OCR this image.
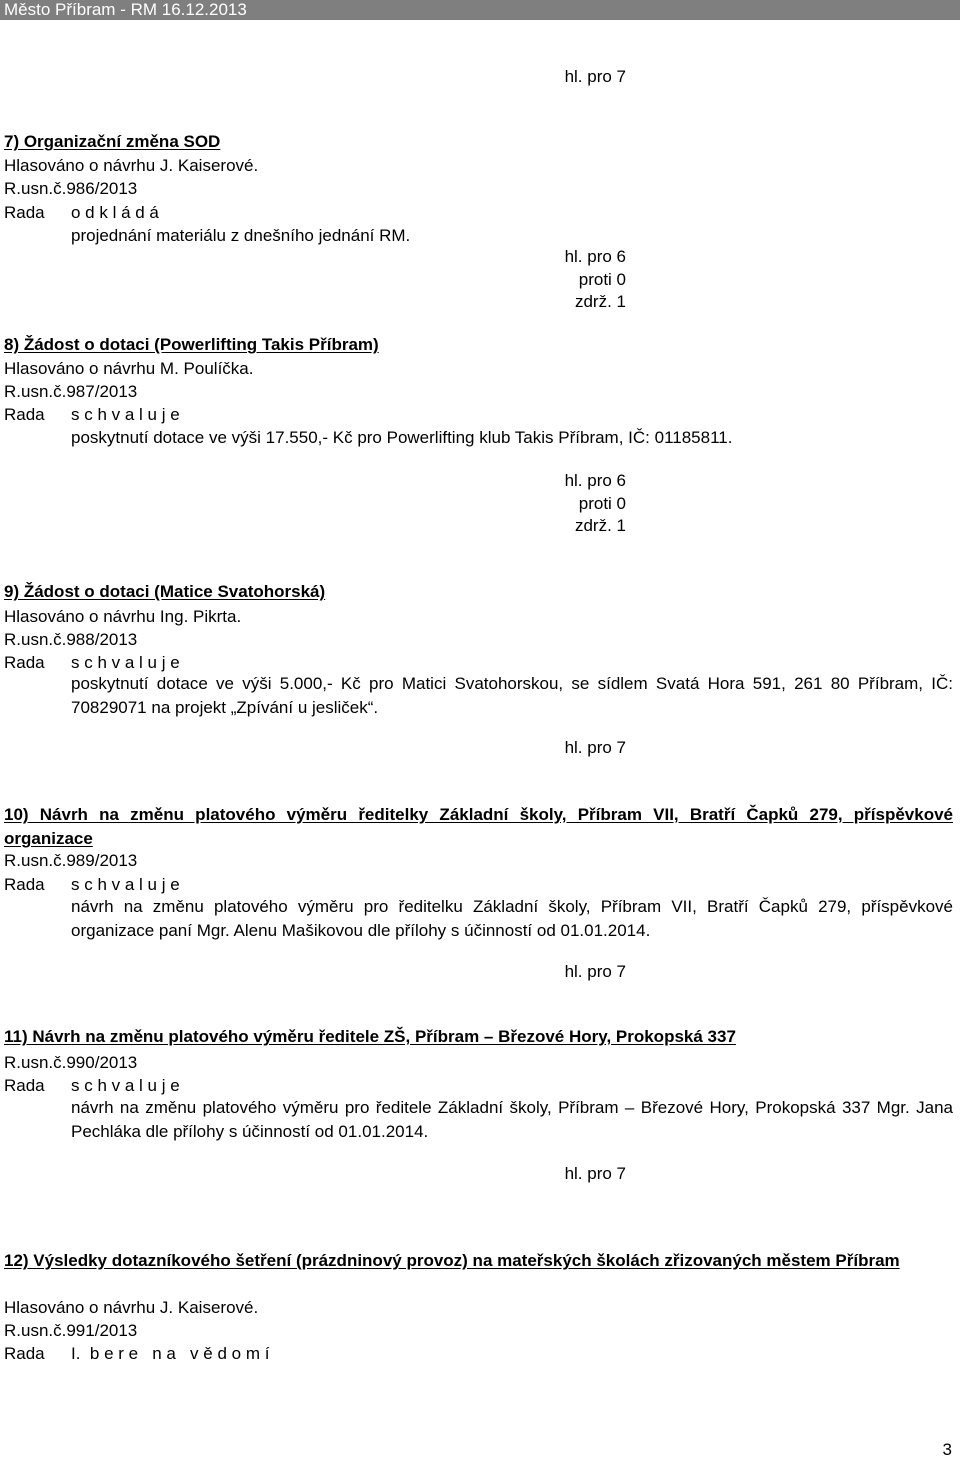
Město Příbram - RM 16.12.2013
hl. pro 7
7) Organizační změna SOD
Hlasováno o návrhu J. Kaiserové.
R.usn.č.986/2013
Rada o d k l á d á
projednání materiálu z dnešního jednání RM.
hl. pro 6
proti 0
zdrž. 1
8) Žádost o dotaci (Powerlifting Takis Příbram)
Hlasováno o návrhu M. Poulíčka.
R.usn.č.987/2013
Rada s c h v a l u j e
poskytnutí dotace ve výši 17.550,- Kč pro Powerlifting klub Takis Příbram, IČ: 01185811.
hl. pro 6
proti 0
zdrž. 1
9) Žádost o dotaci (Matice Svatohorská)
Hlasováno o návrhu Ing. Pikrta.
R.usn.č.988/2013
Rada s c h v a l u j e
poskytnutí dotace ve výši 5.000,- Kč pro Matici Svatohorskou, se sídlem Svatá Hora 591, 261 80 Příbram, IČ: 70829071 na projekt „Zpívání u jesliček“.
hl. pro 7
10) Návrh na změnu platového výměru ředitelky Základní školy, Příbram VII, Bratří Čapků 279, příspěvkové organizace
R.usn.č.989/2013
Rada s c h v a l u j e
návrh na změnu platového výměru pro ředitelku Základní školy, Příbram VII, Bratří Čapků 279, příspěvkové organizace paní Mgr. Alenu Mašikovou dle přílohy s účinností od 01.01.2014.
hl. pro 7
11) Návrh na změnu platového výměru ředitele ZŠ, Příbram – Březové Hory, Prokopská 337
R.usn.č.990/2013
Rada s c h v a l u j e
návrh na změnu platového výměru pro ředitele Základní školy, Příbram – Březové Hory, Prokopská 337 Mgr. Jana Pechláka dle přílohy s účinností od 01.01.2014.
hl. pro 7
12) Výsledky dotazníkového šetření (prázdninový provoz) na mateřských školách zřizovaných městem Příbram
Hlasováno o návrhu J. Kaiserové.
R.usn.č.991/2013
Rada I.  b e r e   n a   v ě d o m í
3
